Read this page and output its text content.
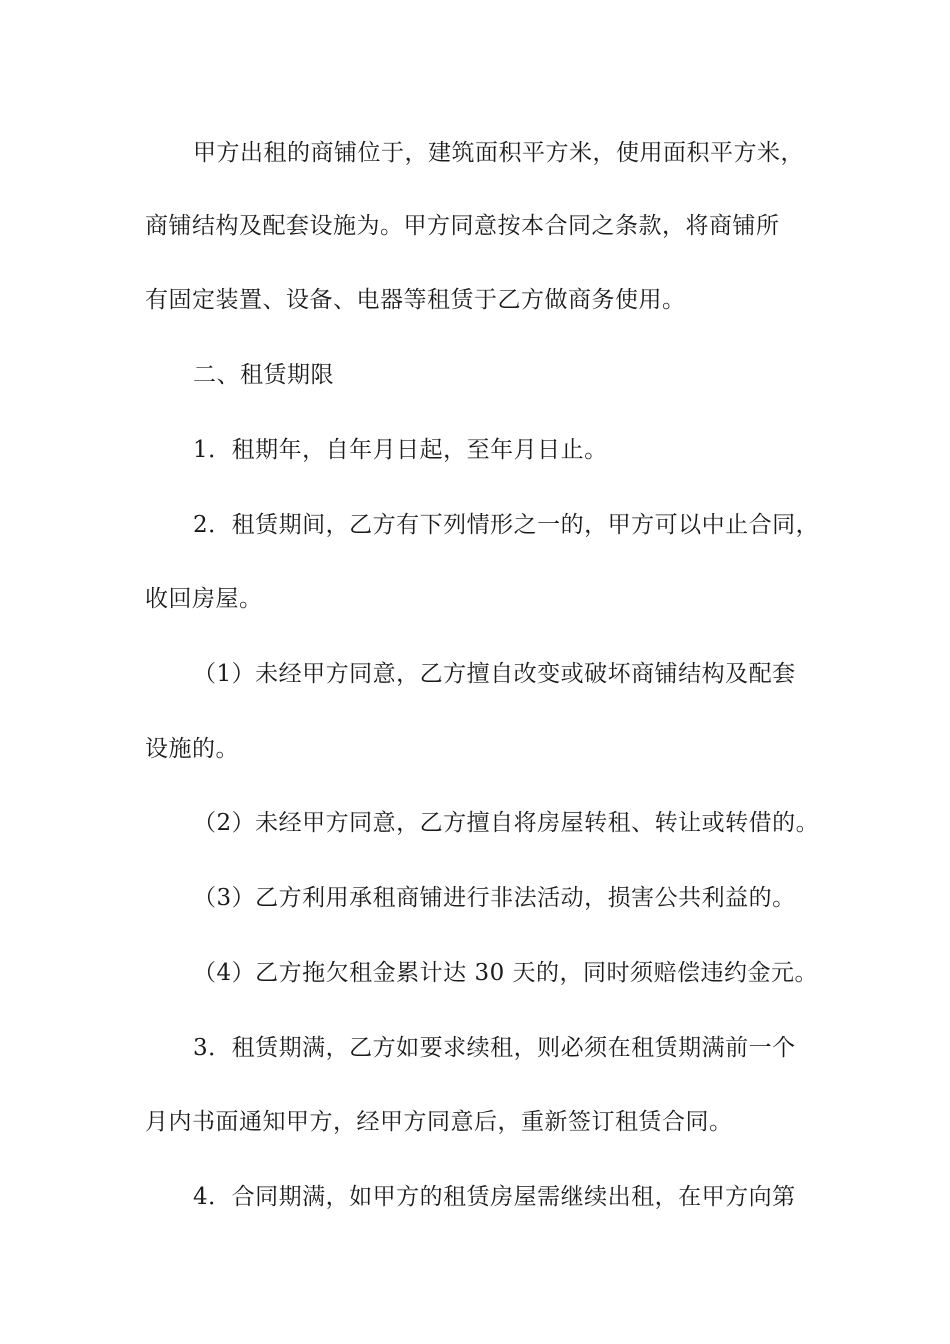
甲方出租的商铺位于，建筑面积平方米，使用面积平方米，

商铺结构及配套设施为。甲方同意按本合同之条款，将商铺所

有固定装置、设备、电器等租赁于乙方做商务使用。

二、租赁期限

1．租期年，自年月日起，至年月日止。

2．租赁期间，乙方有下列情形之一的，甲方可以中止合同，

收回房屋。

（1）未经甲方同意，乙方擅自改变或破坏商铺结构及配套

设施的。

（2）未经甲方同意，乙方擅自将房屋转租、转让或转借的。

（3）乙方利用承租商铺进行非法活动，损害公共利益的。

（4）乙方拖欠租金累计达 30 天的，同时须赔偿违约金元。

3．租赁期满，乙方如要求续租，则必须在租赁期满前一个

月内书面通知甲方，经甲方同意后，重新签订租赁合同。

4．合同期满，如甲方的租赁房屋需继续出租，在甲方向第
